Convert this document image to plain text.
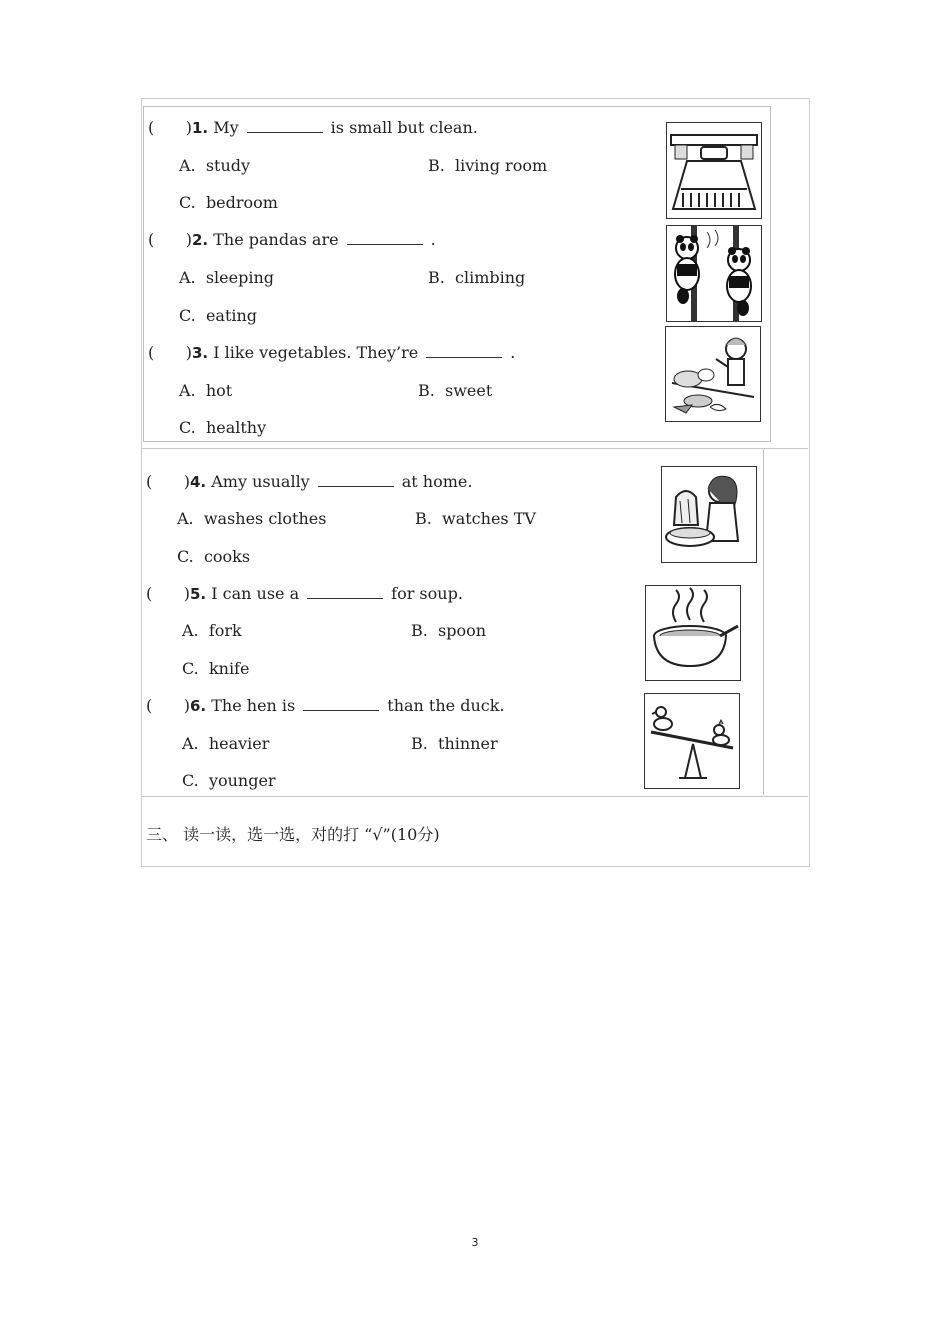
( ) 1. My	is small but clean.
A. study	B. living room
C. bedroom
( ) 2. The pandas are	.
A. sleeping	B. climbing
C. eating
( ) 3. I like vegetables. They’re	.
A. hot	B. sweet
C. healthy
( ) 4. Amy usually	at home.
A. washes clothes	B. watches TV
C. cooks
( ) 5. I can use a	for soup.
A. fork	B. spoon
C. knife
( ) 6. The hen is	than the duck.
A. heavier	B. thinner
C. younger
三、 读一读，选一选，对的打 “√”(10分)
3
